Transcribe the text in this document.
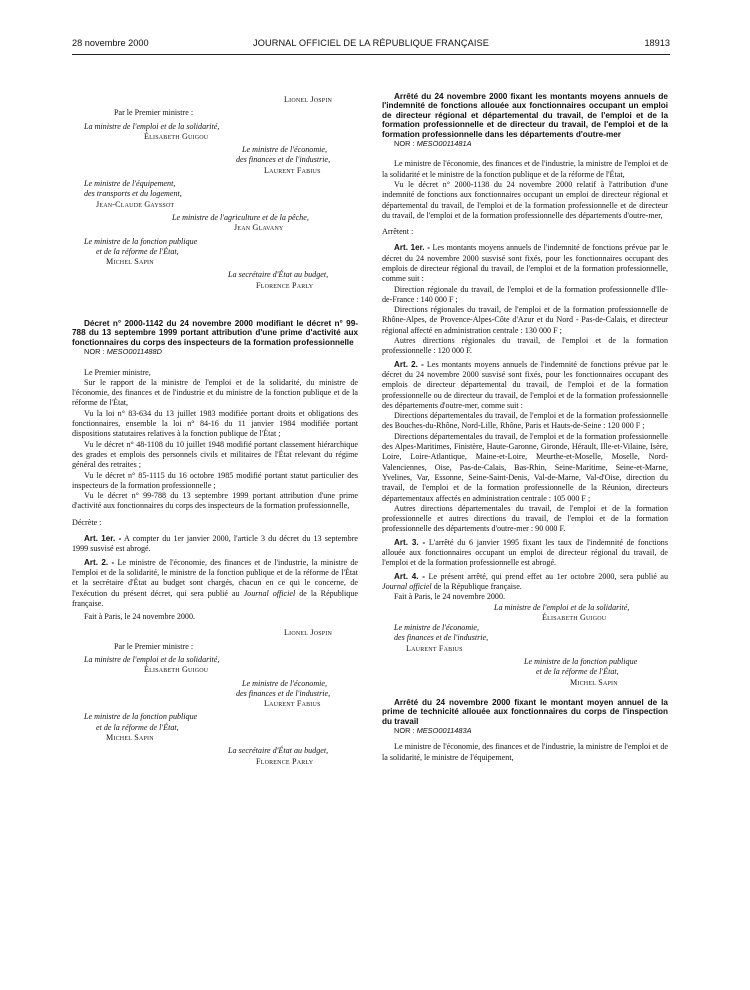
28 novembre 2000	JOURNAL OFFICIEL DE LA RÉPUBLIQUE FRANÇAISE	18913

Lionel Jospin

Par le Premier ministre :

La ministre de l'emploi et de la solidarité,

Élisabeth Guigou

Le ministre de l'économie,

des finances et de l'industrie,

Laurent Fabius

Le ministre de l'équipement,

des transports et du logement,

Jean-Claude Gayssot

Le ministre de l'agriculture et de la pêche,

Jean Glavany

Le ministre de la fonction publique

et de la réforme de l'État,

Michel Sapin

La secrétaire d'État au budget,

Florence Parly

Décret n° 2000-1142 du 24 novembre 2000 modifiant le décret n° 99-788 du 13 septembre 1999 portant attribution d'une prime d'activité aux fonctionnaires du corps des inspecteurs de la formation professionnelle

NOR : MESO0011488D

Le Premier ministre,

Sur le rapport de la ministre de l'emploi et de la solidarité, du ministre de l'économie, des finances et de l'industrie et du ministre de la fonction publique et de la réforme de l'État,

Vu la loi n° 83-634 du 13 juillet 1983 modifiée portant droits et obligations des fonctionnaires, ensemble la loi n° 84-16 du 11 janvier 1984 modifiée portant dispositions statutaires relatives à la fonction publique de l'État ;

Vu le décret n° 48-1108 du 10 juillet 1948 modifié portant classement hiérarchique des grades et emplois des personnels civils et militaires de l'État relevant du régime général des retraites ;

Vu le décret n° 85-1115 du 16 octobre 1985 modifié portant statut particulier des inspecteurs de la formation professionnelle ;

Vu le décret n° 99-788 du 13 septembre 1999 portant attribution d'une prime d'activité aux fonctionnaires du corps des inspecteurs de la formation professionnelle,

Décrète :

Art. 1er. - A compter du 1er janvier 2000, l'article 3 du décret du 13 septembre 1999 susvisé est abrogé.

Art. 2. - Le ministre de l'économie, des finances et de l'industrie, la ministre de l'emploi et de la solidarité, le ministre de la fonction publique et de la réforme de l'État et la secrétaire d'État au budget sont chargés, chacun en ce qui le concerne, de l'exécution du présent décret, qui sera publié au Journal officiel de la République française.

Fait à Paris, le 24 novembre 2000.

Lionel Jospin

Par le Premier ministre :

La ministre de l'emploi et de la solidarité,

Élisabeth Guigou

Le ministre de l'économie,

des finances et de l'industrie,

Laurent Fabius

Le ministre de la fonction publique

et de la réforme de l'État,

Michel Sapin

La secrétaire d'État au budget,

Florence Parly

Arrêté du 24 novembre 2000 fixant les montants moyens annuels de l'indemnité de fonctions allouée aux fonctionnaires occupant un emploi de directeur régional et départemental du travail, de l'emploi et de la formation professionnelle et de directeur du travail, de l'emploi et de la formation professionnelle dans les départements d'outre-mer

NOR : MESO0011481A

Le ministre de l'économie, des finances et de l'industrie, la ministre de l'emploi et de la solidarité et le ministre de la fonction publique et de la réforme de l'État,

Vu le décret n° 2000-1138 du 24 novembre 2000 relatif à l'attribution d'une indemnité de fonctions aux fonctionnaires occupant un emploi de directeur régional et départemental du travail, de l'emploi et de la formation professionnelle et de directeur du travail, de l'emploi et de la formation professionnelle des départements d'outre-mer,

Arrêtent :

Art. 1er. - Les montants moyens annuels de l'indemnité de fonctions prévue par le décret du 24 novembre 2000 susvisé sont fixés, pour les fonctionnaires occupant des emplois de directeur régional du travail, de l'emploi et de la formation professionnelle, comme suit :

Direction régionale du travail, de l'emploi et de la formation professionnelle d'Ile-de-France : 140 000 F ;

Directions régionales du travail, de l'emploi et de la formation professionnelle de Rhône-Alpes, de Provence-Alpes-Côte d'Azur et du Nord - Pas-de-Calais, et directeur régional affecté en administration centrale : 130 000 F ;

Autres directions régionales du travail, de l'emploi et de la formation professionnelle : 120 000 F.

Art. 2. - Les montants moyens annuels de l'indemnité de fonctions prévue par le décret du 24 novembre 2000 susvisé sont fixés, pour les fonctionnaires occupant des emplois de directeur départemental du travail, de l'emploi et de la formation professionnelle ou de directeur du travail, de l'emploi et de la formation professionnelle des départements d'outre-mer, comme suit :

Directions départementales du travail, de l'emploi et de la formation professionnelle des Bouches-du-Rhône, Nord-Lille, Rhône, Paris et Hauts-de-Seine : 120 000 F ;

Directions départementales du travail, de l'emploi et de la formation professionnelle des Alpes-Maritimes, Finistère, Haute-Garonne, Gironde, Hérault, Ille-et-Vilaine, Isère, Loire, Loire-Atlantique, Maine-et-Loire, Meurthe-et-Moselle, Moselle, Nord-Valenciennes, Oise, Pas-de-Calais, Bas-Rhin, Seine-Maritime, Seine-et-Marne, Yvelines, Var, Essonne, Seine-Saint-Denis, Val-de-Marne, Val-d'Oise, direction du travail, de l'emploi et de la formation professionnelle de la Réunion, directeurs départementaux affectés en administration centrale : 105 000 F ;

Autres directions départementales du travail, de l'emploi et de la formation professionnelle et autres directions du travail, de l'emploi et de la formation professionnelle des départements d'outre-mer : 90 000 F.

Art. 3. - L'arrêté du 6 janvier 1995 fixant les taux de l'indemnité de fonctions allouée aux fonctionnaires occupant un emploi de directeur régional du travail, de l'emploi et de la formation professionnelle est abrogé.

Art. 4. - Le présent arrêté, qui prend effet au 1er octobre 2000, sera publié au Journal officiel de la République française.

Fait à Paris, le 24 novembre 2000.

La ministre de l'emploi et de la solidarité,

Élisabeth Guigou

Le ministre de l'économie,

des finances et de l'industrie,

Laurent Fabius

Le ministre de la fonction publique

et de la réforme de l'État,

Michel Sapin

Arrêté du 24 novembre 2000 fixant le montant moyen annuel de la prime de technicité allouée aux fonctionnaires du corps de l'inspection du travail

NOR : MESO0011483A

Le ministre de l'économie, des finances et de l'industrie, la ministre de l'emploi et de la solidarité, le ministre de l'équipement,
